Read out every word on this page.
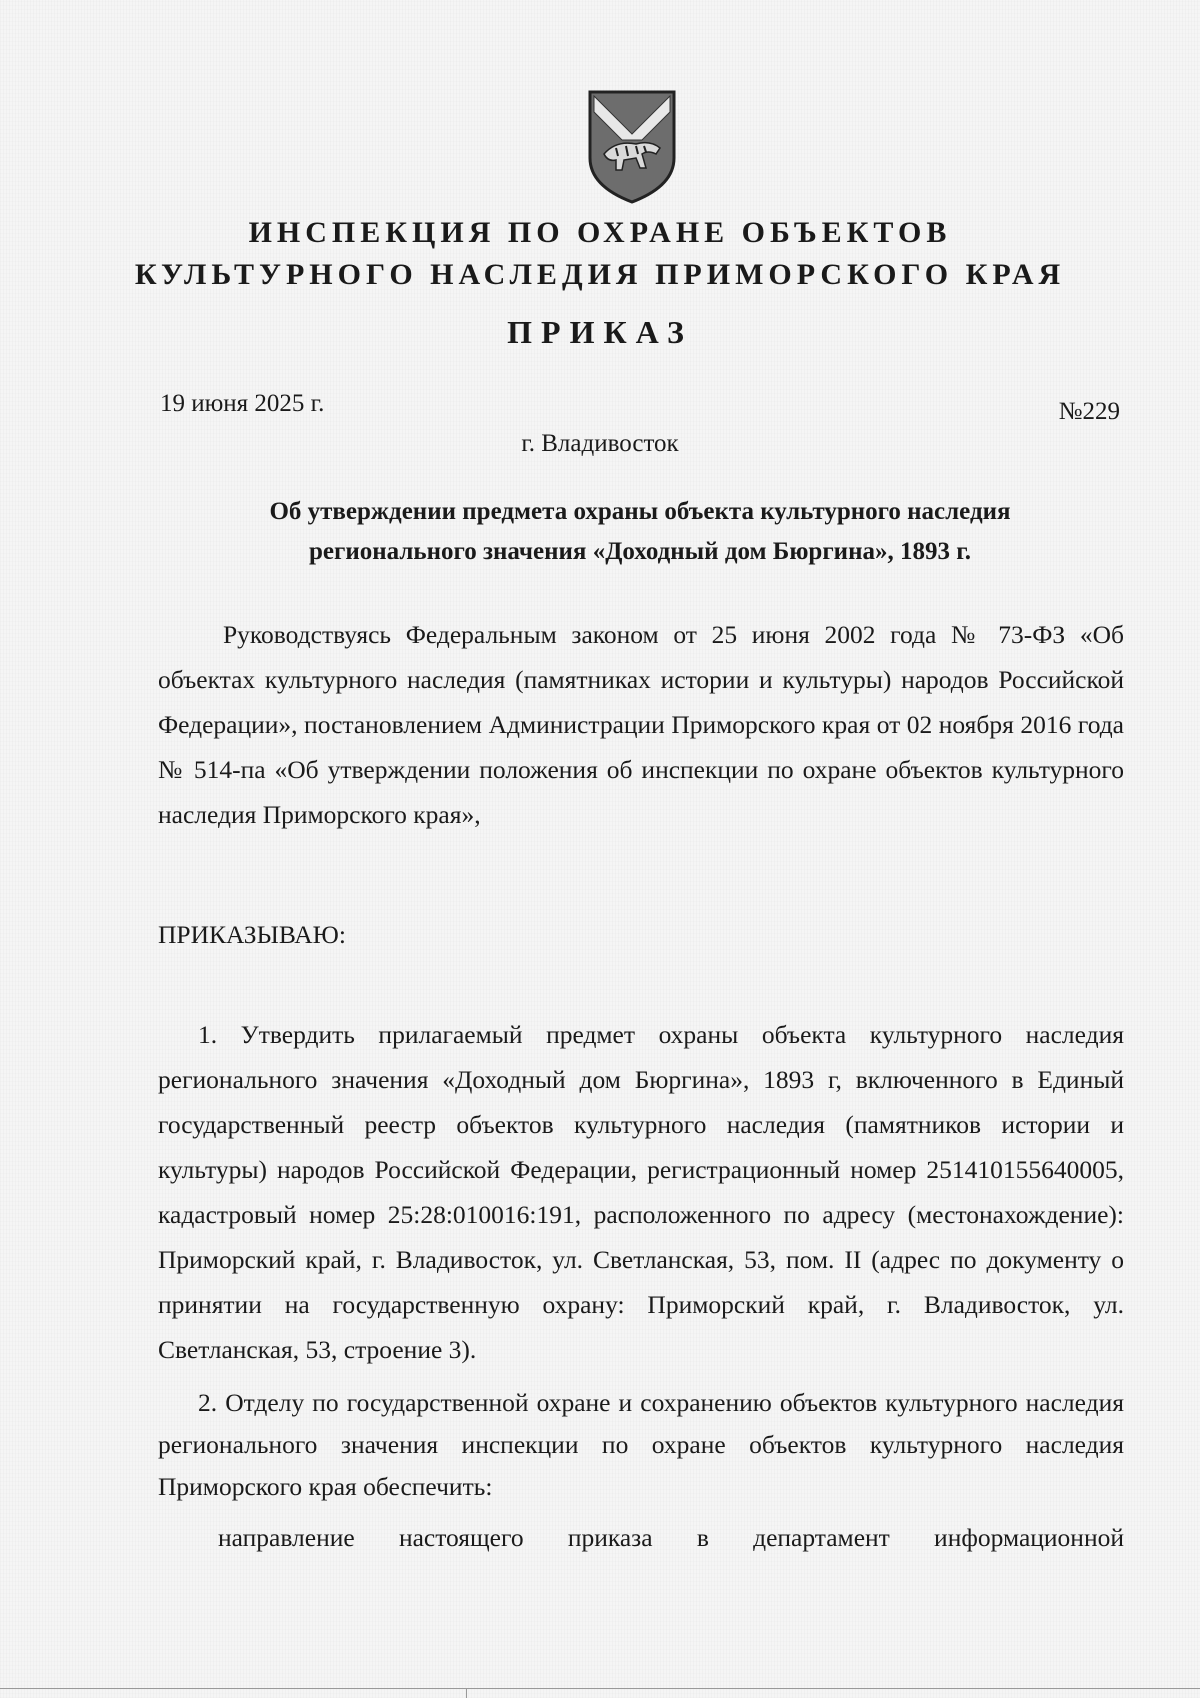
ИНСПЕКЦИЯ ПО ОХРАНЕ ОБЪЕКТОВ
КУЛЬТУРНОГО НАСЛЕДИЯ ПРИМОРСКОГО КРАЯ
ПРИКАЗ
19 июня 2025 г.	№229
г. Владивосток
Об утверждении предмета охраны объекта культурного наследия
регионального значения «Доходный дом Бюргина», 1893 г.
Руководствуясь Федеральным законом от 25 июня 2002 года № 73-ФЗ «Об объектах культурного наследия (памятниках истории и культуры) народов Российской Федерации», постановлением Администрации Приморского края от 02 ноября 2016 года № 514-па «Об утверждении положения об инспекции по охране объектов культурного наследия Приморского края»,
ПРИКАЗЫВАЮ:
1. Утвердить прилагаемый предмет охраны объекта культурного наследия регионального значения «Доходный дом Бюргина», 1893 г, включенного в Единый государственный реестр объектов культурного наследия (памятников истории и культуры) народов Российской Федерации, регистрационный номер 251410155640005, кадастровый номер 25:28:010016:191, расположенного по адресу (местонахождение): Приморский край, г. Владивосток, ул. Светланская, 53, пом. II (адрес по документу о принятии на государственную охрану: Приморский край, г. Владивосток, ул. Светланская, 53, строение 3).
2. Отделу по государственной охране и сохранению объектов культурного наследия регионального значения инспекции по охране объектов культурного наследия Приморского края обеспечить:
направление настоящего приказа в департамент информационной
